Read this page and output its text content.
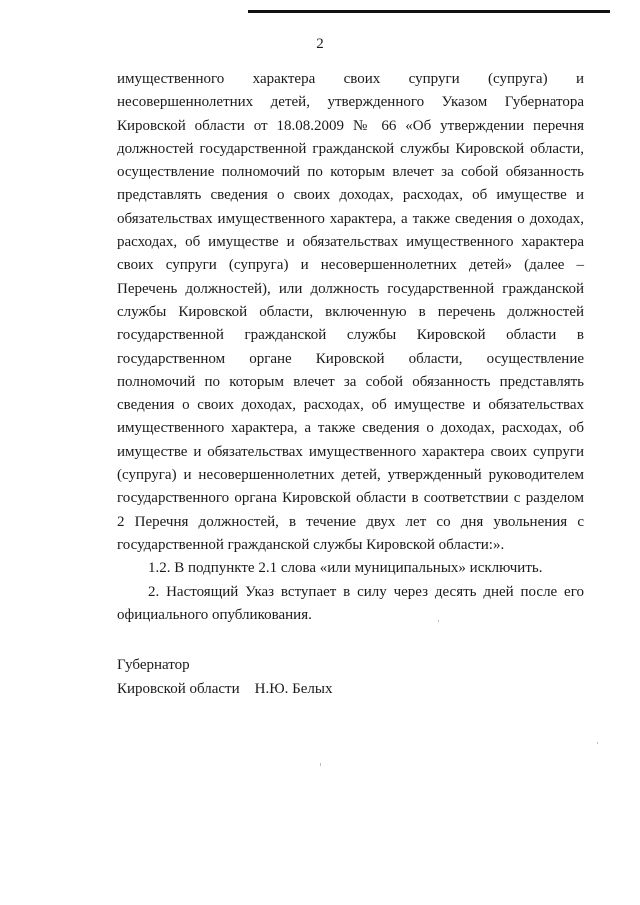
2

имущественного характера своих супруги (супруга) и несовершеннолетних детей, утвержденного Указом Губернатора Кировской области от 18.08.2009 № 66 «Об утверждении перечня должностей государственной гражданской службы Кировской области, осуществление полномочий по которым влечет за собой обязанность представлять сведения о своих доходах, расходах, об имуществе и обязательствах имущественного характера, а также сведения о доходах, расходах, об имуществе и обязательствах имущественного характера своих супруги (супруга) и несовершеннолетних детей» (далее – Перечень должностей), или должность государственной гражданской службы Кировской области, включенную в перечень должностей государственной гражданской службы Кировской области в государственном органе Кировской области, осуществление полномочий по которым влечет за собой обязанность представлять сведения о своих доходах, расходах, об имуществе и обязательствах имущественного характера, а также сведения о доходах, расходах, об имуществе и обязательствах имущественного характера своих супруги (супруга) и несовершеннолетних детей, утвержденный руководителем государственного органа Кировской области в соответствии с разделом 2 Перечня должностей, в течение двух лет со дня увольнения с государственной гражданской службы Кировской области:».

1.2. В подпункте 2.1 слова «или муниципальных» исключить.

2. Настоящий Указ вступает в силу через десять дней после его официального опубликования.

Губернатор
Кировской области Н.Ю. Белых
